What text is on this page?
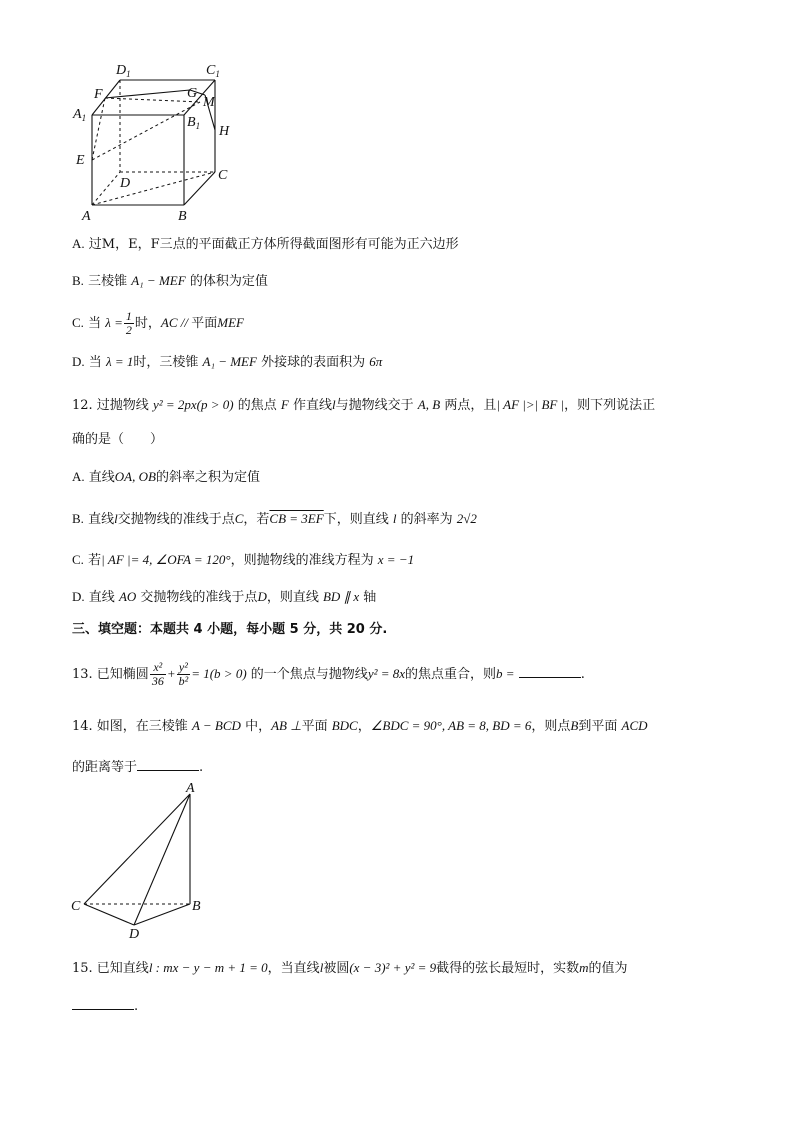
$D_1$	$C_1$
$A_1$	$B_1$
F	G
M
H
E
D
C
A	B
A. 过M，E，F三点的平面截正方体所得截面图形有可能为正六边形
B. 三棱锥 A₁ − MEF 的体积为定值
C. 当 $\lambda = \frac{1}{2}$ 时，AC // 平面MEF
D. 当 λ = 1时，三棱锥 A₁ − MEF 外接球的表面积为 6π
12. 过抛物线 y² = 2px(p > 0) 的焦点 F 作直线l与抛物线交于 A, B 两点，且| AF |>| BF |，则下列说法正
确的是（　　）
A. 直线OA, OB的斜率之积为定值
B. 直线l交抛物线的准线于点C，若CB = 3EF下，则直线 l 的斜率为 2√2
C. 若| AF |= 4, ∠OFA = 120°，则抛物线的准线方程为 x = −1
D. 直线 AO 交抛物线的准线于点D，则直线 BD ∥ x 轴
三、填空题：本题共 4 小题，每小题 5 分，共 20 分.
13. 已知椭圆 $\frac{\text{x²}}{36} + \frac{\text{y²}}{\text{b²}} = 1(b > 0)$ 的一个焦点与抛物线y² = 8x的焦点重合，则b =	.
14. 如图，在三棱锥 A − BCD 中，AB ⊥平面 BDC，∠BDC = 90°, AB = 8, BD = 6，则点B到平面 ACD
的距离等于	.
A
B
C
D
15. 已知直线l : mx − y − m + 1 = 0，当直线l被圆(x − 3)² + y² = 9截得的弦长最短时，实数m的值为
.
